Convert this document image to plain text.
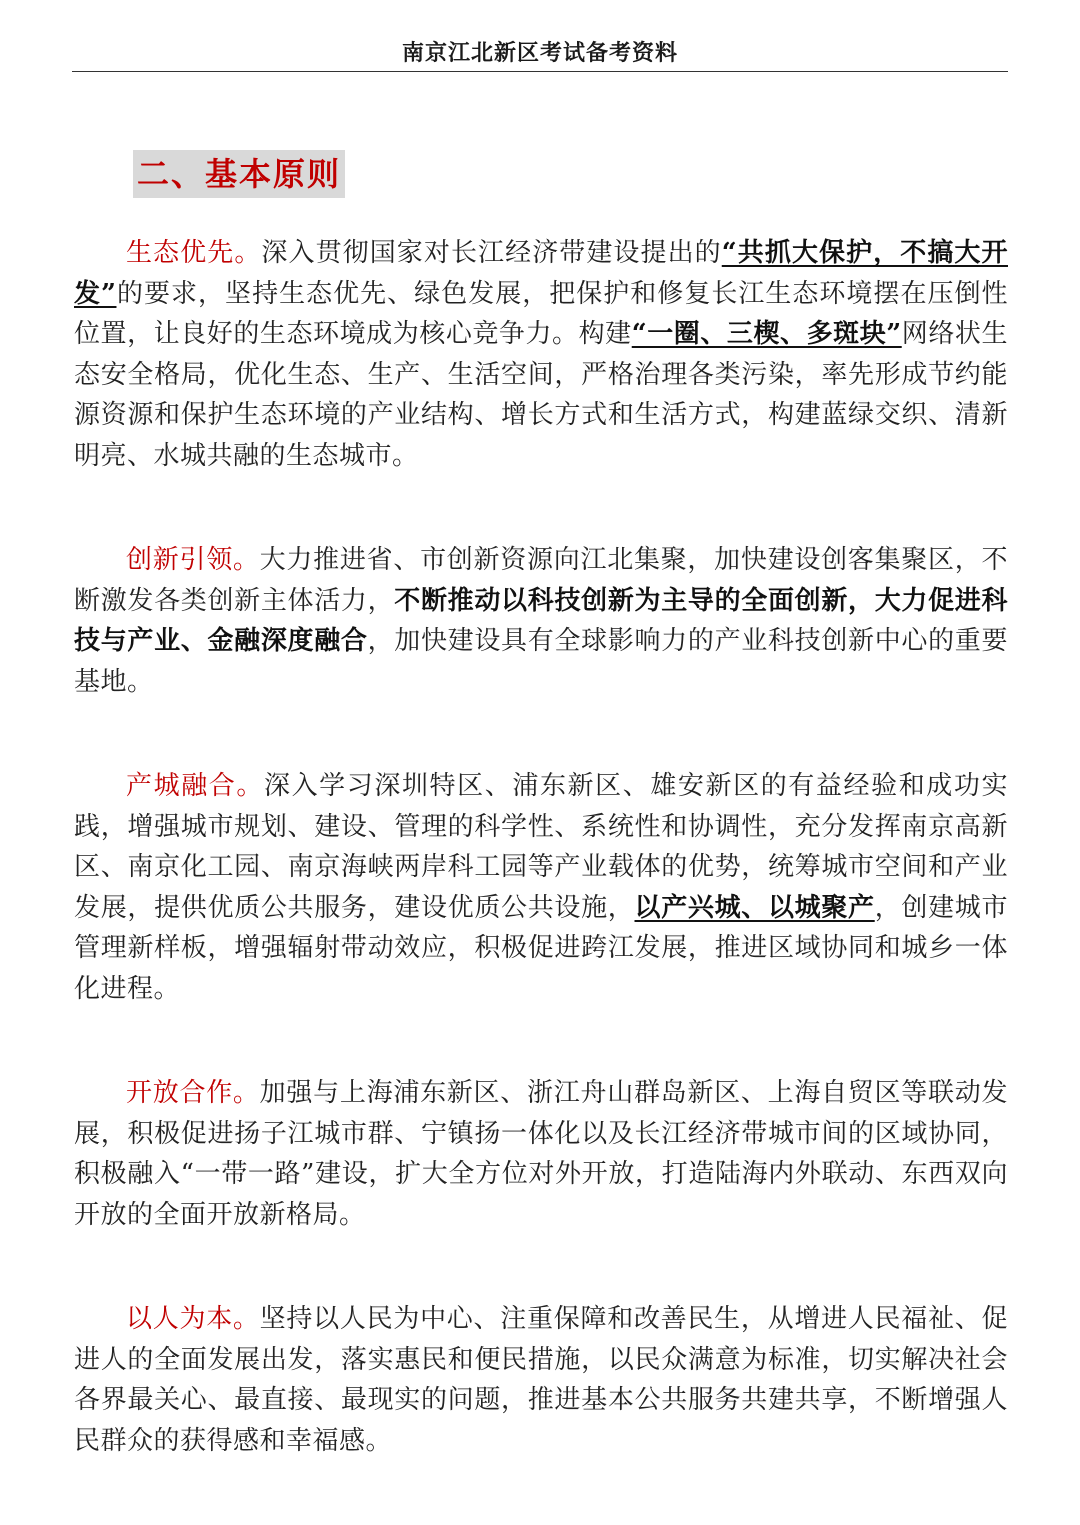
南京江北新区考试备考资料
二、基本原则

生态优先。深入贯彻国家对长江经济带建设提出的“共抓大保护，不搞大开发”的要求，坚持生态优先、绿色发展，把保护和修复长江生态环境摆在压倒性位置，让良好的生态环境成为核心竞争力。构建“一圈、三楔、多斑块”网络状生态安全格局，优化生态、生产、生活空间，严格治理各类污染，率先形成节约能源资源和保护生态环境的产业结构、增长方式和生活方式，构建蓝绿交织、清新明亮、水城共融的生态城市。

创新引领。大力推进省、市创新资源向江北集聚，加快建设创客集聚区，不断激发各类创新主体活力，不断推动以科技创新为主导的全面创新，大力促进科技与产业、金融深度融合，加快建设具有全球影响力的产业科技创新中心的重要基地。

产城融合。深入学习深圳特区、浦东新区、雄安新区的有益经验和成功实践，增强城市规划、建设、管理的科学性、系统性和协调性，充分发挥南京高新区、南京化工园、南京海峡两岸科工园等产业载体的优势，统筹城市空间和产业发展，提供优质公共服务，建设优质公共设施，以产兴城、以城聚产，创建城市管理新样板，增强辐射带动效应，积极促进跨江发展，推进区域协同和城乡一体化进程。

开放合作。加强与上海浦东新区、浙江舟山群岛新区、上海自贸区等联动发展，积极促进扬子江城市群、宁镇扬一体化以及长江经济带城市间的区域协同，积极融入“一带一路”建设，扩大全方位对外开放，打造陆海内外联动、东西双向开放的全面开放新格局。

以人为本。坚持以人民为中心、注重保障和改善民生，从增进人民福祉、促进人的全面发展出发，落实惠民和便民措施，以民众满意为标准，切实解决社会各界最关心、最直接、最现实的问题，推进基本公共服务共建共享，不断增强人民群众的获得感和幸福感。
